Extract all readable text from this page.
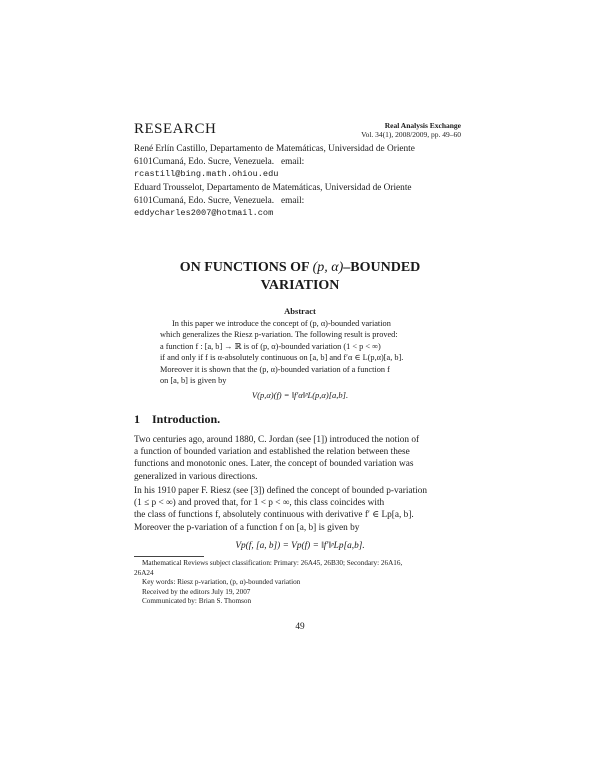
RESEARCH	Real Analysis Exchange
Vol. 34(1), 2008/2009, pp. 49–60
René Erlín Castillo, Departamento de Matemáticas, Universidad de Oriente
6101Cumaná, Edo. Sucre, Venezuela. email:
rcastill@bing.math.ohiou.edu
Eduard Trousselot, Departamento de Matemáticas, Universidad de Oriente
6101Cumaná, Edo. Sucre, Venezuela. email:
eddycharles2007@hotmail.com
ON FUNCTIONS OF (p, α)–BOUNDED
VARIATION
Abstract
In this paper we introduce the concept of (p, α)-bounded variation
which generalizes the Riesz p-variation. The following result is proved:
a function f : [a, b] → ℝ is of (p, α)-bounded variation (1 < p < ∞)
if and only if f is α-absolutely continuous on [a, b] and f′α ∈ L(p,α)[a, b].
Moreover it is shown that the (p, α)-bounded variation of a function f
on [a, b] is given by
V(p,α)(f) = ‖f′α‖ᵖL(p,α)[a,b].
1 Introduction.
Two centuries ago, around 1880, C. Jordan (see [1]) introduced the notion of
a function of bounded variation and established the relation between these
functions and monotonic ones. Later, the concept of bounded variation was
generalized in various directions.
In his 1910 paper F. Riesz (see [3]) defined the concept of bounded p-variation
(1 ≤ p < ∞) and proved that, for 1 < p < ∞, this class coincides with
the class of functions f, absolutely continuous with derivative f′ ∈ Lp[a, b].
Moreover the p-variation of a function f on [a, b] is given by
Vp(f, [a, b]) = Vp(f) = ‖f′‖ᵖLp[a,b].
Mathematical Reviews subject classification: Primary: 26A45, 26B30; Secondary: 26A16,
26A24
Key words: Riesz p-variation, (p, α)-bounded variation
Received by the editors July 19, 2007
Communicated by: Brian S. Thomson
49
